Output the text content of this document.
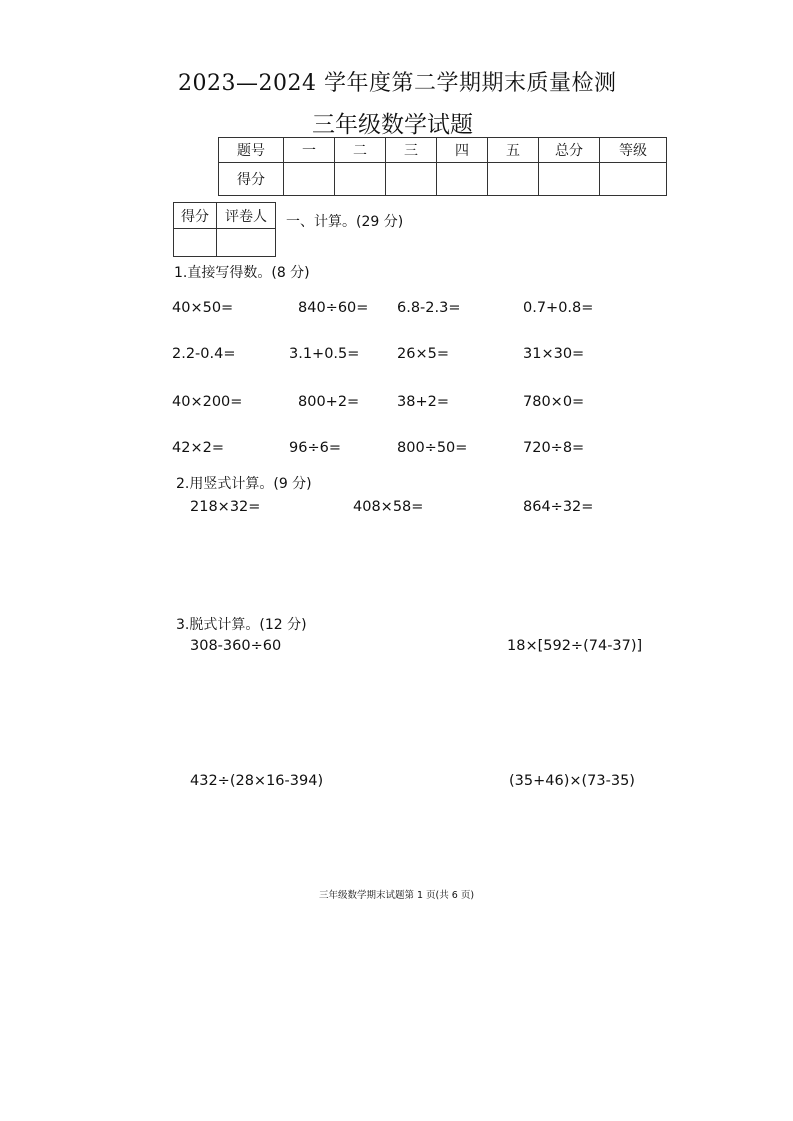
2023—2024 学年度第二学期期末质量检测
三年级数学试题
题号	一	二	三	四	五	总分	等级
得分							
得分	评卷人
	一、计算。(29 分)
1.直接写得数。(8 分)
40×50=	840÷60= 6.8-2.3=	0.7+0.8=
2.2-0.4=	3.1+0.5=	26×5=	31×30=
40×200=	800+2=	38+2=	780×0=
42×2=	96÷6=	800÷50=	720÷8=
2.用竖式计算。(9 分)
218×32=	408×58=	864÷32=
3.脱式计算。(12 分)
308-360÷60	18×[592÷(74-37)]
432÷(28×16-394)	(35+46)×(73-35)
三年级数学期末试题第 1 页(共 6 页)
